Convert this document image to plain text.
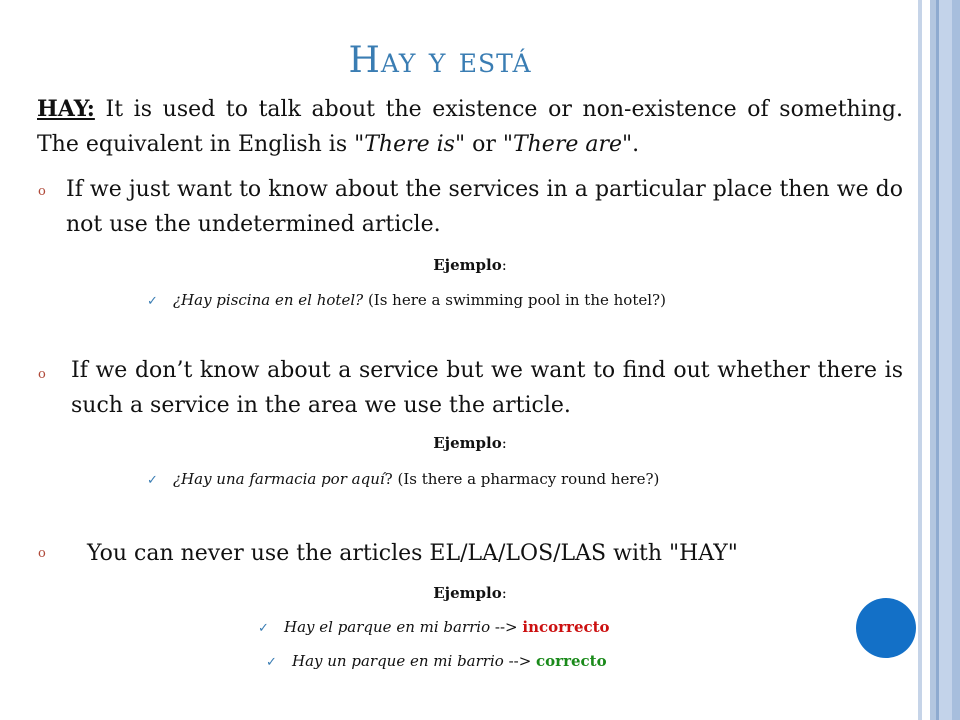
Hay y está
HAY: It is used to talk about the existence or non-existence of something. The equivalent in English is "There is" or "There are".
o If we just want to know about the services in a particular place then we do not use the undetermined article.
Ejemplo:
✓ ¿Hay piscina en el hotel? (Is here a swimming pool in the hotel?)
o If we don’t know about a service but we want to find out whether there is such a service in the area we use the article.
Ejemplo:
✓ ¿Hay una farmacia por aquí? (Is there a pharmacy round here?)
o You can never use the articles EL/LA/LOS/LAS with "HAY"
Ejemplo:
✓ Hay el parque en mi barrio --> incorrecto
✓ Hay un parque en mi barrio --> correcto
